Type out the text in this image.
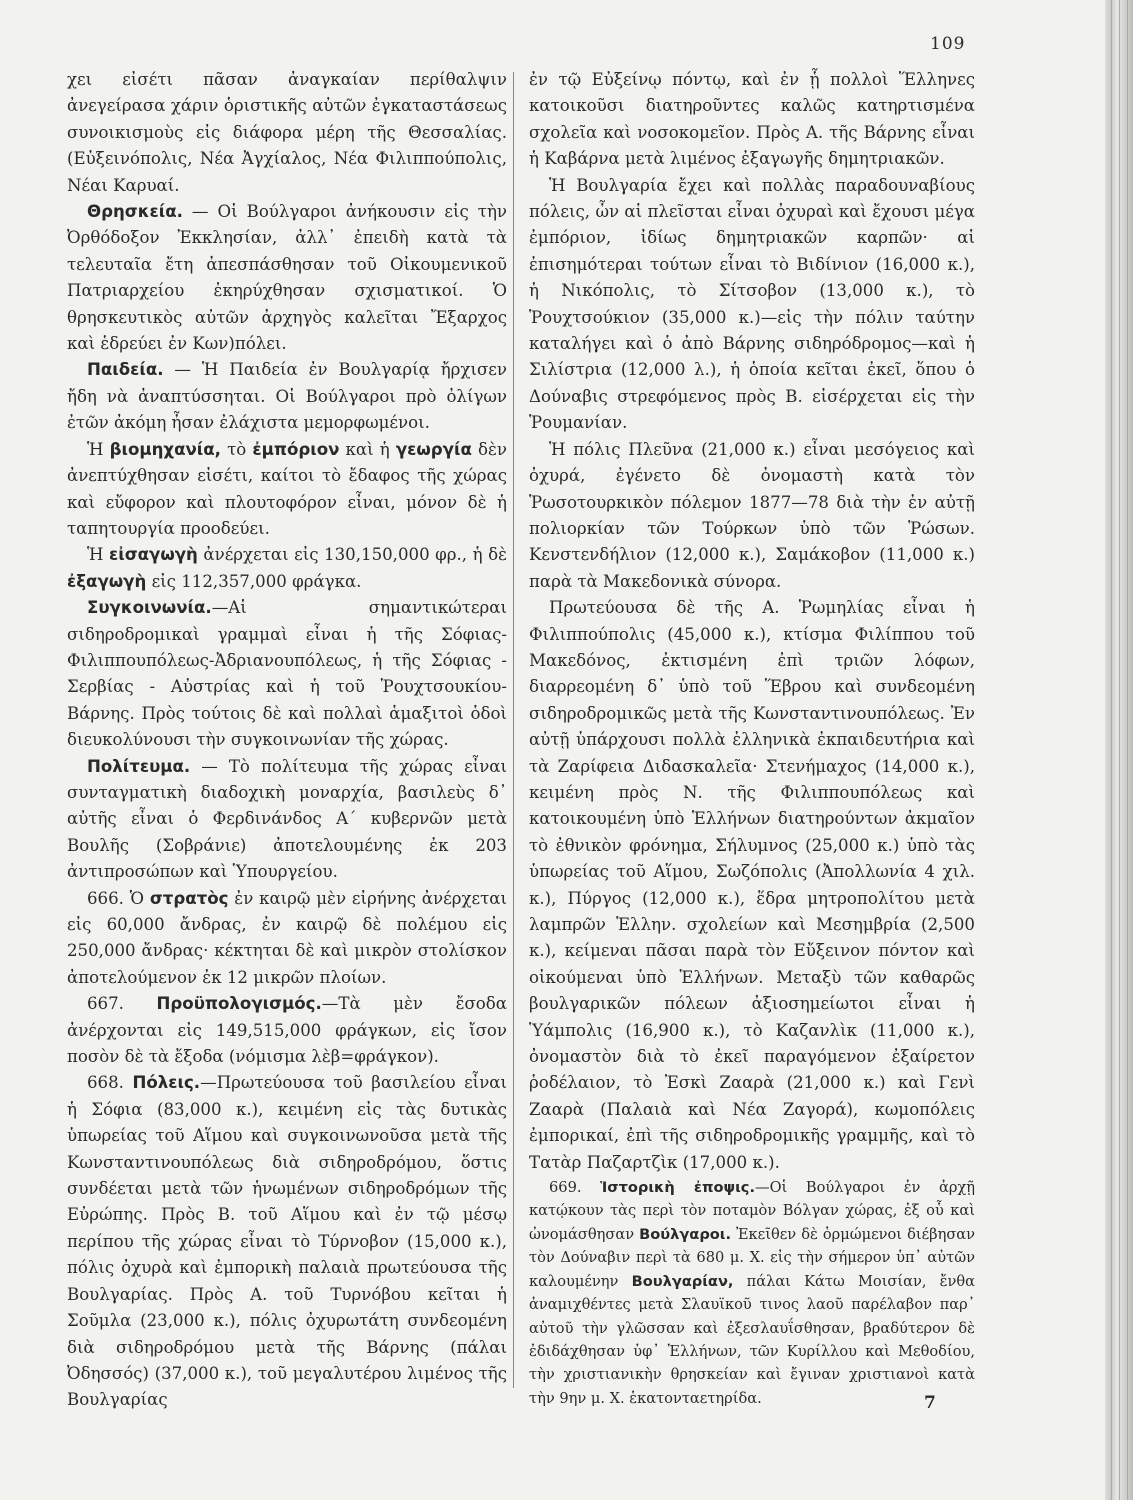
109

χει εἰσέτι πᾶσαν ἀναγκαίαν περίθαλψιν ἀνεγείρασα χάριν ὁριστικῆς αὐτῶν ἐγκαταστάσεως συνοικισμοὺς εἰς διάφορα μέρη τῆς Θεσσαλίας. (Εὐξεινόπολις, Νέα Ἀγχίαλος, Νέα Φιλιππούπολις, Νέαι Καρυαί.

Θρησκεία. — Οἱ Βούλγαροι ἀνήκουσιν εἰς τὴν Ὀρθόδοξον Ἐκκλησίαν, ἀλλ᾽ ἐπειδὴ κατὰ τὰ τελευταῖα ἔτη ἀπεσπάσθησαν τοῦ Οἰκουμενικοῦ Πατριαρχείου ἐκηρύχθησαν σχισματικοί. Ὁ θρησκευτικὸς αὐτῶν ἀρχηγὸς καλεῖται Ἔξαρχος καὶ ἑδρεύει ἐν Κων)πόλει.

Παιδεία. — Ἡ Παιδεία ἐν Βουλγαρίᾳ ἤρχισεν ἤδη νὰ ἀναπτύσσηται. Οἱ Βούλγαροι πρὸ ὀλίγων ἐτῶν ἀκόμη ἦσαν ἐλάχιστα μεμορφωμένοι.

Ἡ βιομηχανία, τὸ ἐμπόριον καὶ ἡ γεωργία δὲν ἀνεπτύχθησαν εἰσέτι, καίτοι τὸ ἔδαφος τῆς χώρας καὶ εὔφορον καὶ πλουτοφόρον εἶναι, μόνον δὲ ἡ ταπητουργία προοδεύει.

Ἡ εἰσαγωγὴ ἀνέρχεται εἰς 130,150,000 φρ., ἡ δὲ ἐξαγωγὴ εἰς 112,357,000 φράγκα.

Συγκοινωνία.—Αἱ σημαντικώτεραι σιδηροδρομικαὶ γραμμαὶ εἶναι ἡ τῆς Σόφιας-Φιλιππουπόλεως-Ἀδριανουπόλεως, ἡ τῆς Σόφιας - Σερβίας - Αὐστρίας καὶ ἡ τοῦ Ῥουχτσουκίου-Βάρνης. Πρὸς τούτοις δὲ καὶ πολλαὶ ἁμαξιτοὶ ὁδοὶ διευκολύνουσι τὴν συγκοινωνίαν τῆς χώρας.

Πολίτευμα. — Τὸ πολίτευμα τῆς χώρας εἶναι συνταγματικὴ διαδοχικὴ μοναρχία, βασιλεὺς δ᾽ αὐτῆς εἶναι ὁ Φερδινάνδος Α΄ κυβερνῶν μετὰ Βουλῆς (Σοβράνιε) ἀποτελουμένης ἐκ 203 ἀντιπροσώπων καὶ Ὑπουργείου.

666. Ὁ στρατὸς ἐν καιρῷ μὲν εἰρήνης ἀνέρχεται εἰς 60,000 ἄνδρας, ἐν καιρῷ δὲ πολέμου εἰς 250,000 ἄνδρας· κέκτηται δὲ καὶ μικρὸν στολίσκον ἀποτελούμενον ἐκ 12 μικρῶν πλοίων.

667. Προϋπολογισμός.—Τὰ μὲν ἔσοδα ἀνέρχονται εἰς 149,515,000 φράγκων, εἰς ἴσον ποσὸν δὲ τὰ ἔξοδα (νόμισμα λὲβ=φράγκον).

668. Πόλεις.—Πρωτεύουσα τοῦ βασιλείου εἶναι ἡ Σόφια (83,000 κ.), κειμένη εἰς τὰς δυτικὰς ὑπωρείας τοῦ Αἵμου καὶ συγκοινωνοῦσα μετὰ τῆς Κωνσταντινουπόλεως διὰ σιδηροδρόμου, ὅστις συνδέεται μετὰ τῶν ἡνωμένων σιδηροδρόμων τῆς Εὐρώπης. Πρὸς Β. τοῦ Αἵμου καὶ ἐν τῷ μέσῳ περίπου τῆς χώρας εἶναι τὸ Τύρνοβον (15,000 κ.), πόλις ὀχυρὰ καὶ ἐμπορικὴ παλαιὰ πρωτεύουσα τῆς Βουλγαρίας. Πρὸς Α. τοῦ Τυρνόβου κεῖται ἡ Σοῦμλα (23,000 κ.), πόλις ὀχυρωτάτη συνδεομένη διὰ σιδηροδρόμου μετὰ τῆς Βάρνης (πάλαι Ὀδησσός) (37,000 κ.), τοῦ μεγαλυτέρου λιμένος τῆς Βουλγαρίας

ἐν τῷ Εὐξείνῳ πόντῳ, καὶ ἐν ᾗ πολλοὶ Ἕλληνες κατοικοῦσι διατηροῦντες καλῶς κατηρτισμένα σχολεῖα καὶ νοσοκομεῖον. Πρὸς Α. τῆς Βάρνης εἶναι ἡ Καβάρνα μετὰ λιμένος ἐξαγωγῆς δημητριακῶν.

Ἡ Βουλγαρία ἔχει καὶ πολλὰς παραδουναβίους πόλεις, ὧν αἱ πλεῖσται εἶναι ὀχυραὶ καὶ ἔχουσι μέγα ἐμπόριον, ἰδίως δημητριακῶν καρπῶν· αἱ ἐπισημότεραι τούτων εἶναι τὸ Βιδίνιον (16,000 κ.), ἡ Νικόπολις, τὸ Σίτσοβον (13,000 κ.), τὸ Ῥουχτσούκιον (35,000 κ.)—εἰς τὴν πόλιν ταύτην καταλήγει καὶ ὁ ἀπὸ Βάρνης σιδηρόδρομος—καὶ ἡ Σιλίστρια (12,000 λ.), ἡ ὁποία κεῖται ἐκεῖ, ὅπου ὁ Δούναβις στρεφόμενος πρὸς Β. εἰσέρχεται εἰς τὴν Ῥουμανίαν.

Ἡ πόλις Πλεῦνα (21,000 κ.) εἶναι μεσόγειος καὶ ὀχυρά, ἐγένετο δὲ ὀνομαστὴ κατὰ τὸν Ῥωσοτουρκικὸν πόλεμον 1877—78 διὰ τὴν ἐν αὐτῇ πολιορκίαν τῶν Τούρκων ὑπὸ τῶν Ῥώσων. Κενστενδήλιον (12,000 κ.), Σαμάκοβον (11,000 κ.) παρὰ τὰ Μακεδονικὰ σύνορα.

Πρωτεύουσα δὲ τῆς Α. Ῥωμηλίας εἶναι ἡ Φιλιππούπολις (45,000 κ.), κτίσμα Φιλίππου τοῦ Μακεδόνος, ἐκτισμένη ἐπὶ τριῶν λόφων, διαρρεομένη δ᾽ ὑπὸ τοῦ Ἕβρου καὶ συνδεομένη σιδηροδρομικῶς μετὰ τῆς Κωνσταντινουπόλεως. Ἐν αὐτῇ ὑπάρχουσι πολλὰ ἑλληνικὰ ἐκπαιδευτήρια καὶ τὰ Ζαρίφεια Διδασκαλεῖα· Στενήμαχος (14,000 κ.), κειμένη πρὸς Ν. τῆς Φιλιππουπόλεως καὶ κατοικουμένη ὑπὸ Ἑλλήνων διατηρούντων ἀκμαῖον τὸ ἐθνικὸν φρόνημα, Σήλυμνος (25,000 κ.) ὑπὸ τὰς ὑπωρείας τοῦ Αἵμου, Σωζόπολις (Ἀπολλωνία 4 χιλ. κ.), Πύργος (12,000 κ.), ἕδρα μητροπολίτου μετὰ λαμπρῶν Ἑλλην. σχολείων καὶ Μεσημβρία (2,500 κ.), κείμεναι πᾶσαι παρὰ τὸν Εὔξεινον πόντον καὶ οἰκούμεναι ὑπὸ Ἑλλήνων. Μεταξὺ τῶν καθαρῶς βουλγαρικῶν πόλεων ἀξιοσημείωτοι εἶναι ἡ Ὑάμπολις (16,900 κ.), τὸ Καζανλὶκ (11,000 κ.), ὀνομαστὸν διὰ τὸ ἐκεῖ παραγόμενον ἐξαίρετον ῥοδέλαιον, τὸ Ἐσκὶ Ζααρὰ (21,000 κ.) καὶ Γενὶ Ζααρὰ (Παλαιὰ καὶ Νέα Ζαγορά), κωμοπόλεις ἐμπορικαί, ἐπὶ τῆς σιδηροδρομικῆς γραμμῆς, καὶ τὸ Τατὰρ Παζαρτζὶκ (17,000 κ.).

669. Ἱστορικὴ ἐποψις.—Οἱ Βούλγαροι ἐν ἀρχῇ κατῴκουν τὰς περὶ τὸν ποταμὸν Βόλγαν χώρας, ἐξ οὗ καὶ ὠνομάσθησαν Βούλγαροι. Ἐκεῖθεν δὲ ὁρμώμενοι διέβησαν τὸν Δούναβιν περὶ τὰ 680 μ. Χ. εἰς τὴν σήμερον ὑπ᾽ αὐτῶν καλουμένην Βουλγαρίαν, πάλαι Κάτω Μοισίαν, ἔνθα ἀναμιχθέντες μετὰ Σλαυϊκοῦ τινος λαοῦ παρέλαβον παρ᾽ αὐτοῦ τὴν γλῶσσαν καὶ ἐξεσλαυΐσθησαν, βραδύτερον δὲ ἐδιδάχθησαν ὑφ᾽ Ἑλλήνων, τῶν Κυρίλλου καὶ Μεθοδίου, τὴν χριστιανικὴν θρησκείαν καὶ ἔγιναν χριστιανοὶ κατὰ τὴν 9ην μ. Χ. ἑκατονταετηρίδα.	7
